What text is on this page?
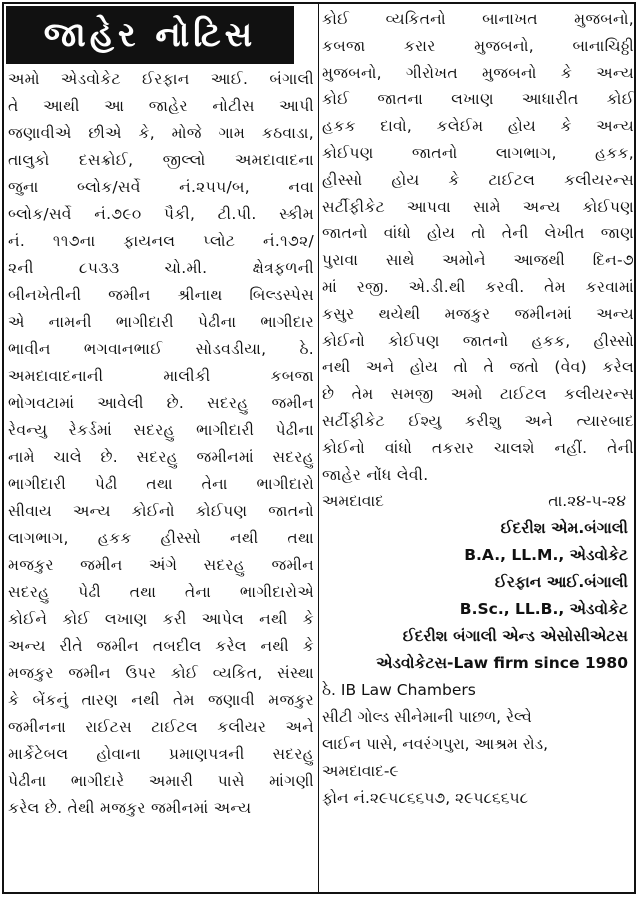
જાહેર નોટિસ
અમો એડવોકેટ ઈરફાન આઈ. બંગાલી
તે આથી આ જાહેર નોટીસ આપી
જણાવીએ છીએ કે, મોજે ગામ કઠવાડા,
તાલુકો દસક્રોઈ, જીલ્લો અમદાવાદના
જુના બ્લોક/સર્વે નં.૨૫૫/બ, નવા
બ્લોક/સર્વે નં.૭૯૦ પૈકી, ટી.પી. સ્કીમ
નં. ૧૧૭ના ફાયનલ પ્લોટ નં.૧૭૨/
૨ની ૮૫૩૩ ચો.મી. ક્ષેત્રફળની
બીનખેતીની જમીન શ્રીનાથ બિલ્ડસ્પેસ
એ નામની ભાગીદારી પેઢીના ભાગીદાર
ભાવીન ભગવાનભાઈ સોડવડીયા, ઠે.
અમદાવાદનાની માલીકી કબજા
ભોગવટામાં આવેલી છે. સદરહુ જમીન
રેવન્યુ રેકર્ડમાં સદરહુ ભાગીદારી પેઢીના
નામે ચાલે છે. સદરહુ જમીનમાં સદરહુ
ભાગીદારી પેઢી તથા તેના ભાગીદારો
સીવાય અન્ય કોઈનો કોઈપણ જાતનો
લાગભાગ, હકક હીસ્સો નથી તથા
મજકુર જમીન અંગે સદરહુ જમીન
સદરહુ પેઢી તથા તેના ભાગીદારોએ
કોઈને કોઈ લખાણ કરી આપેલ નથી કે
અન્ય રીતે જમીન તબદીલ કરેલ નથી કે
મજકુર જમીન ઉપર કોઈ વ્યકિત, સંસ્થા
કે બેંકનું તારણ નથી તેમ જણાવી મજકુર
જમીનના રાઈટસ ટાઈટલ કલીયર અને
માર્કેટેબલ હોવાના પ્રમાણપત્રની સદરહુ
પેઢીના ભાગીદારે અમારી પાસે માંગણી
કરેલ છે. તેથી મજકુર જમીનમાં અન્ય
કોઈ વ્યકિતનો બાનાખત મુજબનો,
કબજા કરાર મુજબનો, બાનાચિઠ્ઠી
મુજબનો, ગીરોખત મુજબનો કે અન્ય
કોઈ જાતના લખાણ આધારીત કોઈ
હકક દાવો, કલેઈમ હોય કે અન્ય
કોઈપણ જાતનો લાગભાગ, હકક,
હીસ્સો હોય કે ટાઈટલ કલીયરન્સ
સર્ટીફીકેટ આપવા સામે અન્ય કોઈપણ
જાતનો વાંધો હોય તો તેની લેખીત જાણ
પુરાવા સાથે અમોને આજથી દિન-૭
માં રજી. એ.ડી.થી કરવી. તેમ કરવામાં
કસુર થયેથી મજકુર જમીનમાં અન્ય
કોઈનો કોઈપણ જાતનો હકક, હીસ્સો
નથી અને હોય તો તે જતો (વેવ) કરેલ
છે તેમ સમજી અમો ટાઈટલ કલીયરન્સ
સર્ટીફીકેટ ઈશ્યુ કરીશુ અને ત્યારબાદ
કોઈનો વાંધો તકરાર ચાલશે નહીં. તેની
જાહેર નોંધ લેવી.
અમદાવાદ	તા.૨૪-૫-૨૪
ઈદરીશ એમ.બંગાલી
B.A., LL.M., એડવોકેટ
ઈરફાન આઈ.બંગાલી
B.Sc., LL.B., એડવોકેટ
ઈદરીશ બંગાલી એન્ડ એસોસીએટસ
એડવોકેટસ-Law firm since 1980
ઠે. IB Law Chambers
સીટી ગોલ્ડ સીનેમાની પાછળ, રેલ્વે
લાઈન પાસે, નવરંગપુરા, આશ્રમ રોડ,
અમદાવાદ-૯
ફોન નં.૨૯૫૮૬૬૫૭, ૨૯૫૮૬૬૫૮
